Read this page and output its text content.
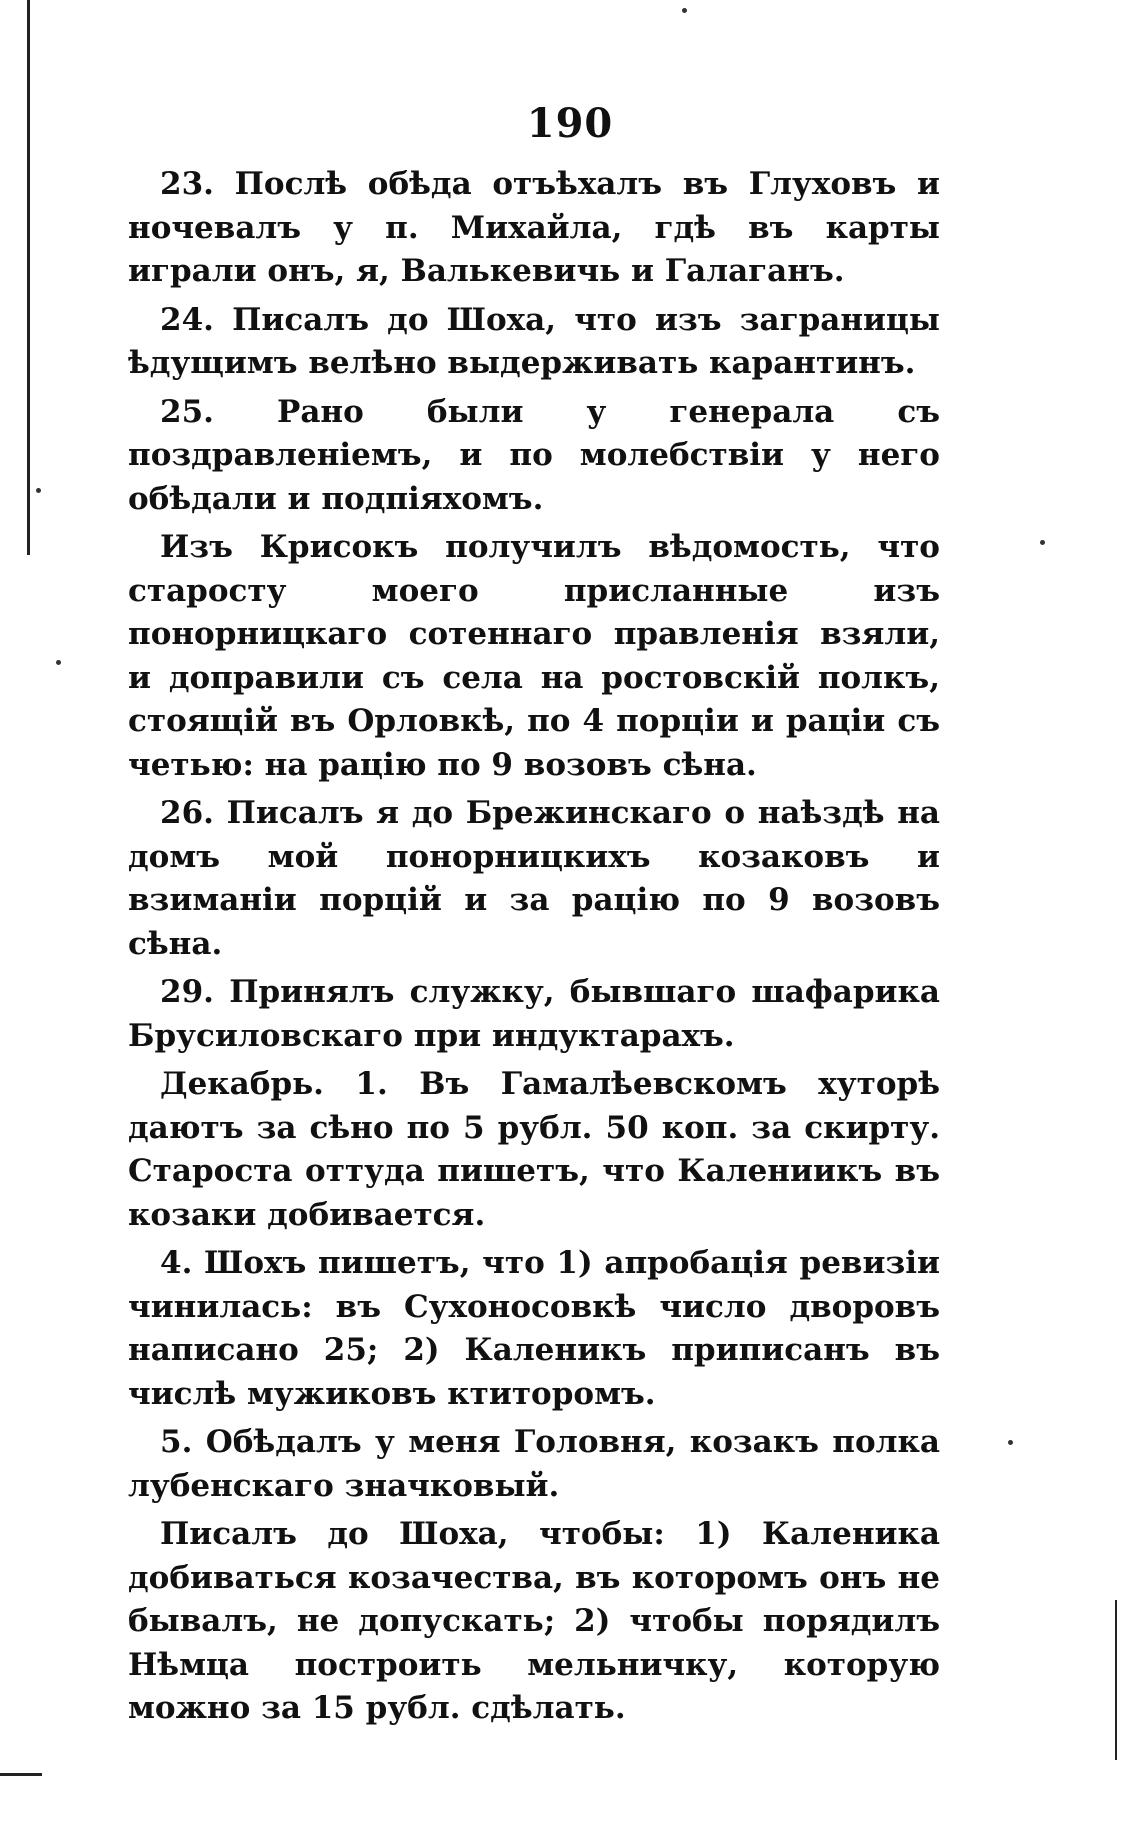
190

23. Послѣ обѣда отъѣхалъ въ Глуховъ и ночевалъ у п. Михайла, гдѣ въ карты играли онъ, я, Валькевичь и Галаганъ.

24. Писалъ до Шоха, что изъ заграницы ѣдущимъ велѣно выдерживать карантинъ.

25. Рано были у генерала съ поздравленіемъ, и по молебствіи у него обѣдали и подпіяхомъ.

Изъ Крисокъ получилъ вѣдомость, что старосту моего присланные изъ понорницкаго сотеннаго правленія взяли, и доправили съ села на ростовскій полкъ, стоящій въ Орловкѣ, по 4 порціи и раціи съ четью: на рацію по 9 возовъ сѣна.

26. Писалъ я до Брежинскаго о наѣздѣ на домъ мой понорницкихъ козаковъ и взиманіи порцій и за рацію по 9 возовъ сѣна.

29. Принялъ служку, бывшаго шафарика Брусиловскаго при индуктарахъ.

Декабрь. 1. Въ Гамалѣевскомъ хуторѣ даютъ за сѣно по 5 рубл. 50 коп. за скирту. Староста оттуда пишетъ, что Калениикъ въ козаки добивается.

4. Шохъ пишетъ, что 1) апробація ревизіи чинилась: въ Сухоносовкѣ число дворовъ написано 25; 2) Каленикъ приписанъ въ числѣ мужиковъ ктиторомъ.

5. Обѣдалъ у меня Головня, козакъ полка лубенскаго значковый.

Писалъ до Шоха, чтобы: 1) Каленика добиваться козачества, въ которомъ онъ не бывалъ, не допускать; 2) чтобы порядилъ Нѣмца построить мельничку, которую можно за 15 рубл. сдѣлать.
